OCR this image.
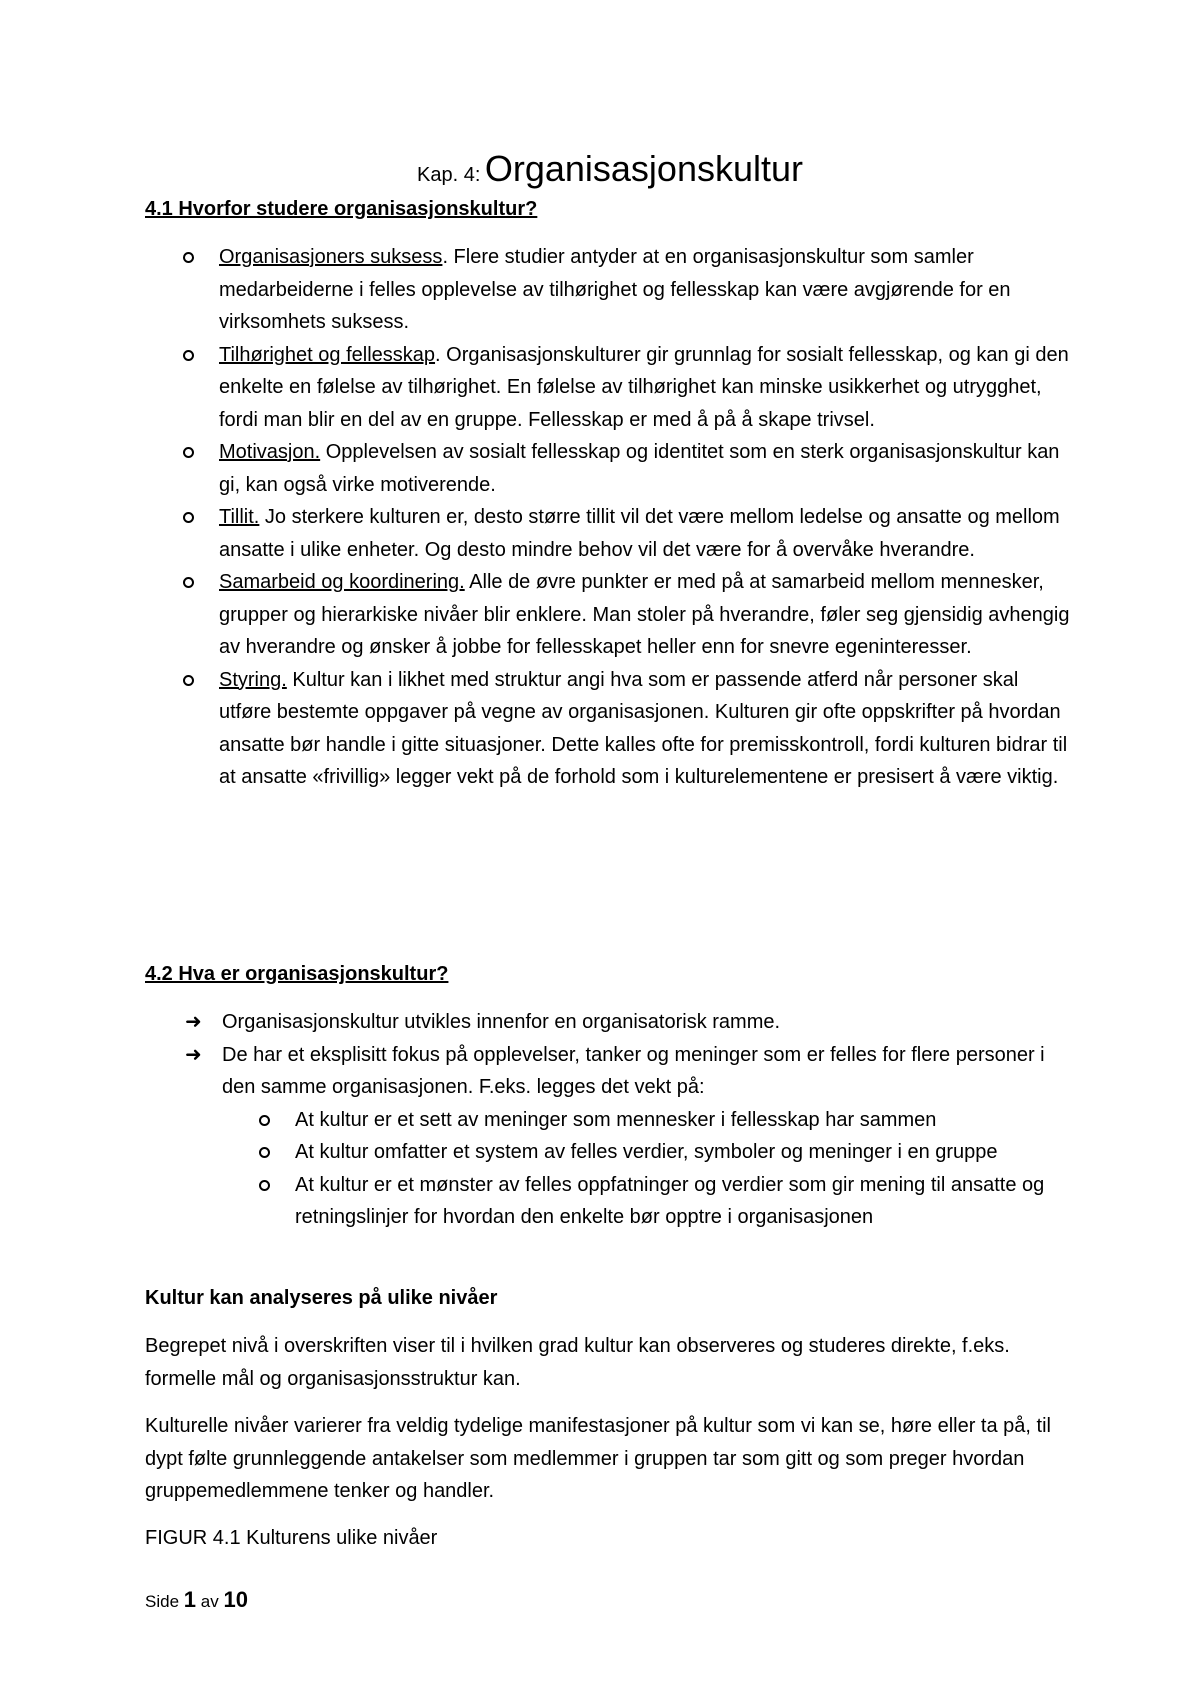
Kap. 4: Organisasjonskultur
4.1 Hvorfor studere organisasjonskultur?
Organisasjoners suksess. Flere studier antyder at en organisasjonskultur som samler medarbeiderne i felles opplevelse av tilhørighet og fellesskap kan være avgjørende for en virksomhets suksess.
Tilhørighet og fellesskap. Organisasjonskulturer gir grunnlag for sosialt fellesskap, og kan gi den enkelte en følelse av tilhørighet. En følelse av tilhørighet kan minske usikkerhet og utrygghet, fordi man blir en del av en gruppe. Fellesskap er med å på å skape trivsel.
Motivasjon. Opplevelsen av sosialt fellesskap og identitet som en sterk organisasjonskultur kan gi, kan også virke motiverende.
Tillit. Jo sterkere kulturen er, desto større tillit vil det være mellom ledelse og ansatte og mellom ansatte i ulike enheter. Og desto mindre behov vil det være for å overvåke hverandre.
Samarbeid og koordinering. Alle de øvre punkter er med på at samarbeid mellom mennesker, grupper og hierarkiske nivåer blir enklere. Man stoler på hverandre, føler seg gjensidig avhengig av hverandre og ønsker å jobbe for fellesskapet heller enn for snevre egeninteresser.
Styring. Kultur kan i likhet med struktur angi hva som er passende atferd når personer skal utføre bestemte oppgaver på vegne av organisasjonen. Kulturen gir ofte oppskrifter på hvordan ansatte bør handle i gitte situasjoner. Dette kalles ofte for premisskontroll, fordi kulturen bidrar til at ansatte «frivillig» legger vekt på de forhold som i kulturelementene er presisert å være viktig.
4.2 Hva er organisasjonskultur?
➜ Organisasjonskultur utvikles innenfor en organisatorisk ramme.
➜ De har et eksplisitt fokus på opplevelser, tanker og meninger som er felles for flere personer i den samme organisasjonen. F.eks. legges det vekt på:
At kultur er et sett av meninger som mennesker i fellesskap har sammen
At kultur omfatter et system av felles verdier, symboler og meninger i en gruppe
At kultur er et mønster av felles oppfatninger og verdier som gir mening til ansatte og retningslinjer for hvordan den enkelte bør opptre i organisasjonen
Kultur kan analyseres på ulike nivåer
Begrepet nivå i overskriften viser til i hvilken grad kultur kan observeres og studeres direkte, f.eks. formelle mål og organisasjonsstruktur kan.
Kulturelle nivåer varierer fra veldig tydelige manifestasjoner på kultur som vi kan se, høre eller ta på, til dypt følte grunnleggende antakelser som medlemmer i gruppen tar som gitt og som preger hvordan gruppemedlemmene tenker og handler.
FIGUR 4.1 Kulturens ulike nivåer
Side 1 av 10
